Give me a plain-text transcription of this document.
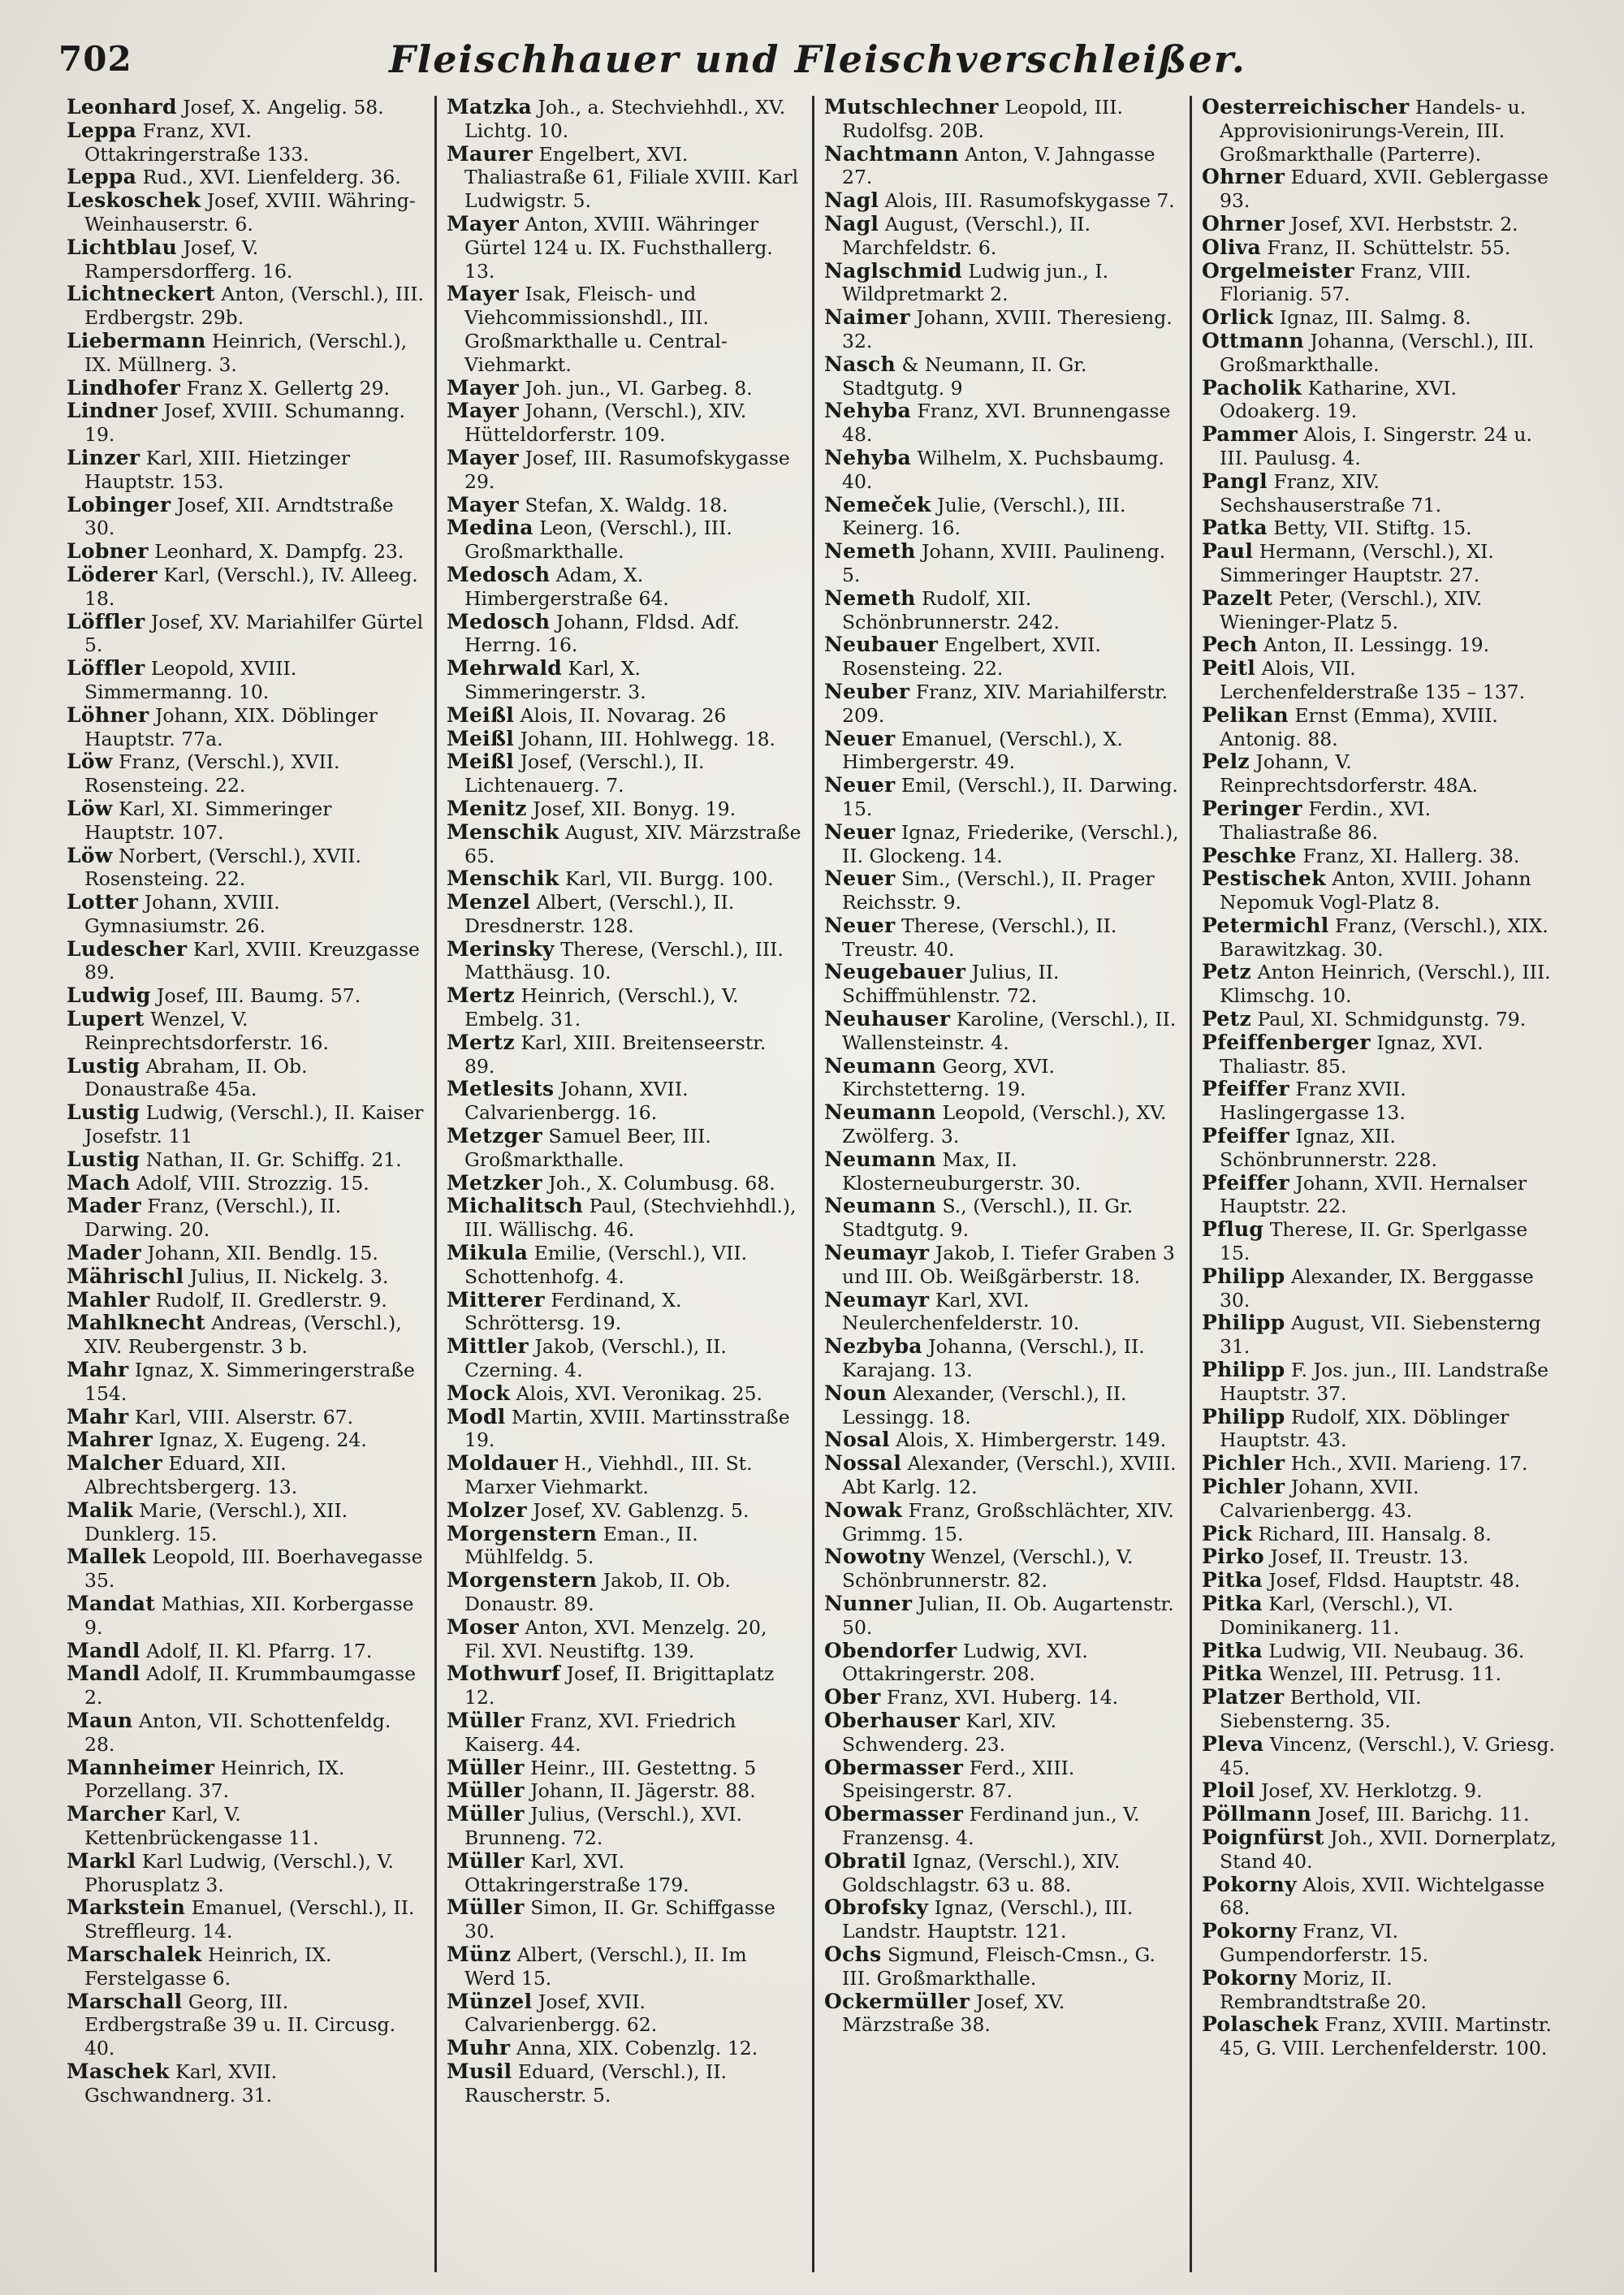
702	Fleischhauer und Fleischverschleißer.

Leonhard Josef, X. Angelig. 58.

Leppa Franz, XVI. Ottakringerstraße 133.

Leppa Rud., XVI. Lienfelderg. 36.

Leskoschek Josef, XVIII. Währing-Weinhauserstr. 6.

Lichtblau Josef, V. Rampersdorfferg. 16.

Lichtneckert Anton, (Verschl.), III. Erdbergstr. 29b.

Liebermann Heinrich, (Verschl.), IX. Müllnerg. 3.

Lindhofer Franz X. Gellertg 29.

Lindner Josef, XVIII. Schumanng. 19.

Linzer Karl, XIII. Hietzinger Hauptstr. 153.

Lobinger Josef, XII. Arndtstraße 30.

Lobner Leonhard, X. Dampfg. 23.

Löderer Karl, (Verschl.), IV. Alleeg. 18.

Löffler Josef, XV. Mariahilfer Gürtel 5.

Löffler Leopold, XVIII. Simmermanng. 10.

Löhner Johann, XIX. Döblinger Hauptstr. 77a.

Löw Franz, (Verschl.), XVII. Rosensteing. 22.

Löw Karl, XI. Simmeringer Hauptstr. 107.

Löw Norbert, (Verschl.), XVII. Rosensteing. 22.

Lotter Johann, XVIII. Gymnasiumstr. 26.

Ludescher Karl, XVIII. Kreuzgasse 89.

Ludwig Josef, III. Baumg. 57.

Lupert Wenzel, V. Reinprechtsdorferstr. 16.

Lustig Abraham, II. Ob. Donaustraße 45a.

Lustig Ludwig, (Verschl.), II. Kaiser Josefstr. 11

Lustig Nathan, II. Gr. Schiffg. 21.

Mach Adolf, VIII. Strozzig. 15.

Mader Franz, (Verschl.), II. Darwing. 20.

Mader Johann, XII. Bendlg. 15.

Mährischl Julius, II. Nickelg. 3.

Mahler Rudolf, II. Gredlerstr. 9.

Mahlknecht Andreas, (Verschl.), XIV. Reubergenstr. 3 b.

Mahr Ignaz, X. Simmeringerstraße 154.

Mahr Karl, VIII. Alserstr. 67.

Mahrer Ignaz, X. Eugeng. 24.

Malcher Eduard, XII. Albrechtsbergerg. 13.

Malik Marie, (Verschl.), XII. Dunklerg. 15.

Mallek Leopold, III. Boerhavegasse 35.

Mandat Mathias, XII. Korbergasse 9.

Mandl Adolf, II. Kl. Pfarrg. 17.

Mandl Adolf, II. Krummbaumgasse 2.

Maun Anton, VII. Schottenfeldg. 28.

Mannheimer Heinrich, IX. Porzellang. 37.

Marcher Karl, V. Kettenbrückengasse 11.

Markl Karl Ludwig, (Verschl.), V. Phorusplatz 3.

Markstein Emanuel, (Verschl.), II. Streffleurg. 14.

Marschalek Heinrich, IX. Ferstelgasse 6.

Marschall Georg, III. Erdbergstraße 39 u. II. Circusg. 40.

Maschek Karl, XVII. Gschwandnerg. 31.

Matzka Joh., a. Stechviehhdl., XV. Lichtg. 10.

Maurer Engelbert, XVI. Thaliastraße 61, Filiale XVIII. Karl Ludwigstr. 5.

Mayer Anton, XVIII. Währinger Gürtel 124 u. IX. Fuchsthallerg. 13.

Mayer Isak, Fleisch- und Viehcommissionshdl., III. Großmarkthalle u. Central-Viehmarkt.

Mayer Joh. jun., VI. Garbeg. 8.

Mayer Johann, (Verschl.), XIV. Hütteldorferstr. 109.

Mayer Josef, III. Rasumofskygasse 29.

Mayer Stefan, X. Waldg. 18.

Medina Leon, (Verschl.), III. Großmarkthalle.

Medosch Adam, X. Himbergerstraße 64.

Medosch Johann, Fldsd. Adf. Herrng. 16.

Mehrwald Karl, X. Simmeringerstr. 3.

Meißl Alois, II. Novarag. 26

Meißl Johann, III. Hohlwegg. 18.

Meißl Josef, (Verschl.), II. Lichtenauerg. 7.

Menitz Josef, XII. Bonyg. 19.

Menschik August, XIV. Märzstraße 65.

Menschik Karl, VII. Burgg. 100.

Menzel Albert, (Verschl.), II. Dresdnerstr. 128.

Merinsky Therese, (Verschl.), III. Matthäusg. 10.

Mertz Heinrich, (Verschl.), V. Embelg. 31.

Mertz Karl, XIII. Breitenseerstr. 89.

Metlesits Johann, XVII. Calvarienbergg. 16.

Metzger Samuel Beer, III. Großmarkthalle.

Metzker Joh., X. Columbusg. 68.

Michalitsch Paul, (Stechviehhdl.), III. Wällischg. 46.

Mikula Emilie, (Verschl.), VII. Schottenhofg. 4.

Mitterer Ferdinand, X. Schröttersg. 19.

Mittler Jakob, (Verschl.), II. Czerning. 4.

Mock Alois, XVI. Veronikag. 25.

Modl Martin, XVIII. Martinsstraße 19.

Moldauer H., Viehhdl., III. St. Marxer Viehmarkt.

Molzer Josef, XV. Gablenzg. 5.

Morgenstern Eman., II. Mühlfeldg. 5.

Morgenstern Jakob, II. Ob. Donaustr. 89.

Moser Anton, XVI. Menzelg. 20, Fil. XVI. Neustiftg. 139.

Mothwurf Josef, II. Brigittaplatz 12.

Müller Franz, XVI. Friedrich Kaiserg. 44.

Müller Heinr., III. Gestettng. 5

Müller Johann, II. Jägerstr. 88.

Müller Julius, (Verschl.), XVI. Brunneng. 72.

Müller Karl, XVI. Ottakringerstraße 179.

Müller Simon, II. Gr. Schiffgasse 30.

Münz Albert, (Verschl.), II. Im Werd 15.

Münzel Josef, XVII. Calvarienbergg. 62.

Muhr Anna, XIX. Cobenzlg. 12.

Musil Eduard, (Verschl.), II. Rauscherstr. 5.

Mutschlechner Leopold, III. Rudolfsg. 20B.

Nachtmann Anton, V. Jahngasse 27.

Nagl Alois, III. Rasumofskygasse 7.

Nagl August, (Verschl.), II. Marchfeldstr. 6.

Naglschmid Ludwig jun., I. Wildpretmarkt 2.

Naimer Johann, XVIII. Theresieng. 32.

Nasch & Neumann, II. Gr. Stadtgutg. 9

Nehyba Franz, XVI. Brunnengasse 48.

Nehyba Wilhelm, X. Puchsbaumg. 40.

Nemeček Julie, (Verschl.), III. Keinerg. 16.

Nemeth Johann, XVIII. Paulineng. 5.

Nemeth Rudolf, XII. Schönbrunnerstr. 242.

Neubauer Engelbert, XVII. Rosensteing. 22.

Neuber Franz, XIV. Mariahilferstr. 209.

Neuer Emanuel, (Verschl.), X. Himbergerstr. 49.

Neuer Emil, (Verschl.), II. Darwing. 15.

Neuer Ignaz, Friederike, (Verschl.), II. Glockeng. 14.

Neuer Sim., (Verschl.), II. Prager Reichsstr. 9.

Neuer Therese, (Verschl.), II. Treustr. 40.

Neugebauer Julius, II. Schiffmühlenstr. 72.

Neuhauser Karoline, (Verschl.), II. Wallensteinstr. 4.

Neumann Georg, XVI. Kirchstetterng. 19.

Neumann Leopold, (Verschl.), XV. Zwölferg. 3.

Neumann Max, II. Klosterneuburgerstr. 30.

Neumann S., (Verschl.), II. Gr. Stadtgutg. 9.

Neumayr Jakob, I. Tiefer Graben 3 und III. Ob. Weißgärberstr. 18.

Neumayr Karl, XVI. Neulerchenfelderstr. 10.

Nezbyba Johanna, (Verschl.), II. Karajang. 13.

Noun Alexander, (Verschl.), II. Lessingg. 18.

Nosal Alois, X. Himbergerstr. 149.

Nossal Alexander, (Verschl.), XVIII. Abt Karlg. 12.

Nowak Franz, Großschlächter, XIV. Grimmg. 15.

Nowotny Wenzel, (Verschl.), V. Schönbrunnerstr. 82.

Nunner Julian, II. Ob. Augartenstr. 50.

Obendorfer Ludwig, XVI. Ottakringerstr. 208.

Ober Franz, XVI. Huberg. 14.

Oberhauser Karl, XIV. Schwenderg. 23.

Obermasser Ferd., XIII. Speisingerstr. 87.

Obermasser Ferdinand jun., V. Franzensg. 4.

Obratil Ignaz, (Verschl.), XIV. Goldschlagstr. 63 u. 88.

Obrofsky Ignaz, (Verschl.), III. Landstr. Hauptstr. 121.

Ochs Sigmund, Fleisch-Cmsn., G. III. Großmarkthalle.

Ockermüller Josef, XV. Märzstraße 38.

Oesterreichischer Handels- u. Approvisionirungs-Verein, III. Großmarkthalle (Parterre).

Ohrner Eduard, XVII. Geblergasse 93.

Ohrner Josef, XVI. Herbststr. 2.

Oliva Franz, II. Schüttelstr. 55.

Orgelmeister Franz, VIII. Florianig. 57.

Orlick Ignaz, III. Salmg. 8.

Ottmann Johanna, (Verschl.), III. Großmarkthalle.

Pacholik Katharine, XVI. Odoakerg. 19.

Pammer Alois, I. Singerstr. 24 u. III. Paulusg. 4.

Pangl Franz, XIV. Sechshauserstraße 71.

Patka Betty, VII. Stiftg. 15.

Paul Hermann, (Verschl.), XI. Simmeringer Hauptstr. 27.

Pazelt Peter, (Verschl.), XIV. Wieninger-Platz 5.

Pech Anton, II. Lessingg. 19.

Peitl Alois, VII. Lerchenfelderstraße 135 – 137.

Pelikan Ernst (Emma), XVIII. Antonig. 88.

Pelz Johann, V. Reinprechtsdorferstr. 48A.

Peringer Ferdin., XVI. Thaliastraße 86.

Peschke Franz, XI. Hallerg. 38.

Pestischek Anton, XVIII. Johann Nepomuk Vogl-Platz 8.

Petermichl Franz, (Verschl.), XIX. Barawitzkag. 30.

Petz Anton Heinrich, (Verschl.), III. Klimschg. 10.

Petz Paul, XI. Schmidgunstg. 79.

Pfeiffenberger Ignaz, XVI. Thaliastr. 85.

Pfeiffer Franz XVII. Haslingergasse 13.

Pfeiffer Ignaz, XII. Schönbrunnerstr. 228.

Pfeiffer Johann, XVII. Hernalser Hauptstr. 22.

Pflug Therese, II. Gr. Sperlgasse 15.

Philipp Alexander, IX. Berggasse 30.

Philipp August, VII. Siebensterng 31.

Philipp F. Jos. jun., III. Landstraße Hauptstr. 37.

Philipp Rudolf, XIX. Döblinger Hauptstr. 43.

Pichler Hch., XVII. Marieng. 17.

Pichler Johann, XVII. Calvarienbergg. 43.

Pick Richard, III. Hansalg. 8.

Pirko Josef, II. Treustr. 13.

Pitka Josef, Fldsd. Hauptstr. 48.

Pitka Karl, (Verschl.), VI. Dominikanerg. 11.

Pitka Ludwig, VII. Neubaug. 36.

Pitka Wenzel, III. Petrusg. 11.

Platzer Berthold, VII. Siebensterng. 35.

Pleva Vincenz, (Verschl.), V. Griesg. 45.

Ploil Josef, XV. Herklotzg. 9.

Pöllmann Josef, III. Barichg. 11.

Poignfürst Joh., XVII. Dornerplatz, Stand 40.

Pokorny Alois, XVII. Wichtelgasse 68.

Pokorny Franz, VI. Gumpendorferstr. 15.

Pokorny Moriz, II. Rembrandtstraße 20.

Polaschek Franz, XVIII. Martinstr. 45, G. VIII. Lerchenfelderstr. 100.
